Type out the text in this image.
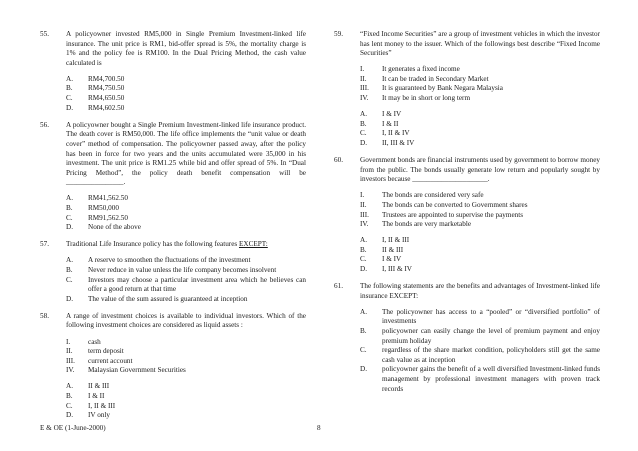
55.	A policyowner invested RM5,000 in Single Premium Investment-linked life insurance. The unit price is RM1, bid-offer spread is 5%, the mortality charge is 1% and the policy fee is RM100. In the Dual Pricing Method, the cash value calculated is
A.	RM4,700.50
B.	RM4,750.50
C.	RM4,650.50
D.	RM4,602.50
56.	A policyowner bought a Single Premium Investment-linked life insurance product. The death cover is RM50,000. The life office implements the “unit value or death cover” method of compensation. The policyowner passed away, after the policy has been in force for two years and the units accumulated were 35,000 in his investment. The unit price is RM1.25 while bid and offer spread of 5%. In “Dual Pricing Method”, the policy death benefit compensation will be ________________.
A.	RM41,562.50
B.	RM50,000
C.	RM91,562.50
D.	None of the above
57.	Traditional Life Insurance policy has the following features EXCEPT:
A.	A reserve to smoothen the fluctuations of the investment
B.	Never reduce in value unless the life company becomes insolvent
C.	Investors may choose a particular investment area which he believes can offer a good return at that time
D.	The value of the sum assured is guaranteed at inception
58.	A range of investment choices is available to individual investors. Which of the following investment choices are considered as liquid assets :
I.	cash
II.	term deposit
III.	current account
IV.	Malaysian Government Securities
A.	II & III
B.	I & II
C.	I, II & III
D.	IV only
59.	“Fixed Income Securities” are a group of investment vehicles in which the investor has lent money to the issuer. Which of the followings best describe “Fixed Income Securities”
I.	It generates a fixed income
II.	It can be traded in Secondary Market
III.	It is guaranteed by Bank Negara Malaysia
IV.	It may be in short or long term
A.	I & IV
B.	I & II
C.	I, II & IV
D.	II, III & IV
60.	Government bonds are financial instruments used by government to borrow money from the public. The bonds usually generate low return and popularly sought by investors because _____________________.
I.	The bonds are considered very safe
II.	The bonds can be converted to Government shares
III.	Trustees are appointed to supervise the payments
IV.	The bonds are very marketable
A.	I, II & III
B.	II & III
C.	I & IV
D.	I, III & IV
61.	The following statements are the benefits and advantages of Investment-linked life insurance EXCEPT:
A.	The policyowner has access to a “pooled” or “diversified portfolio” of investments
B.	policyowner can easily change the level of premium payment and enjoy premium holiday
C.	regardless of the share market condition, policyholders still get the same cash value as at inception
D.	policyowner gains the benefit of a well diversified Investment-linked funds management by professional investment managers with proven track records
E & OE (1-June-2000)	8
